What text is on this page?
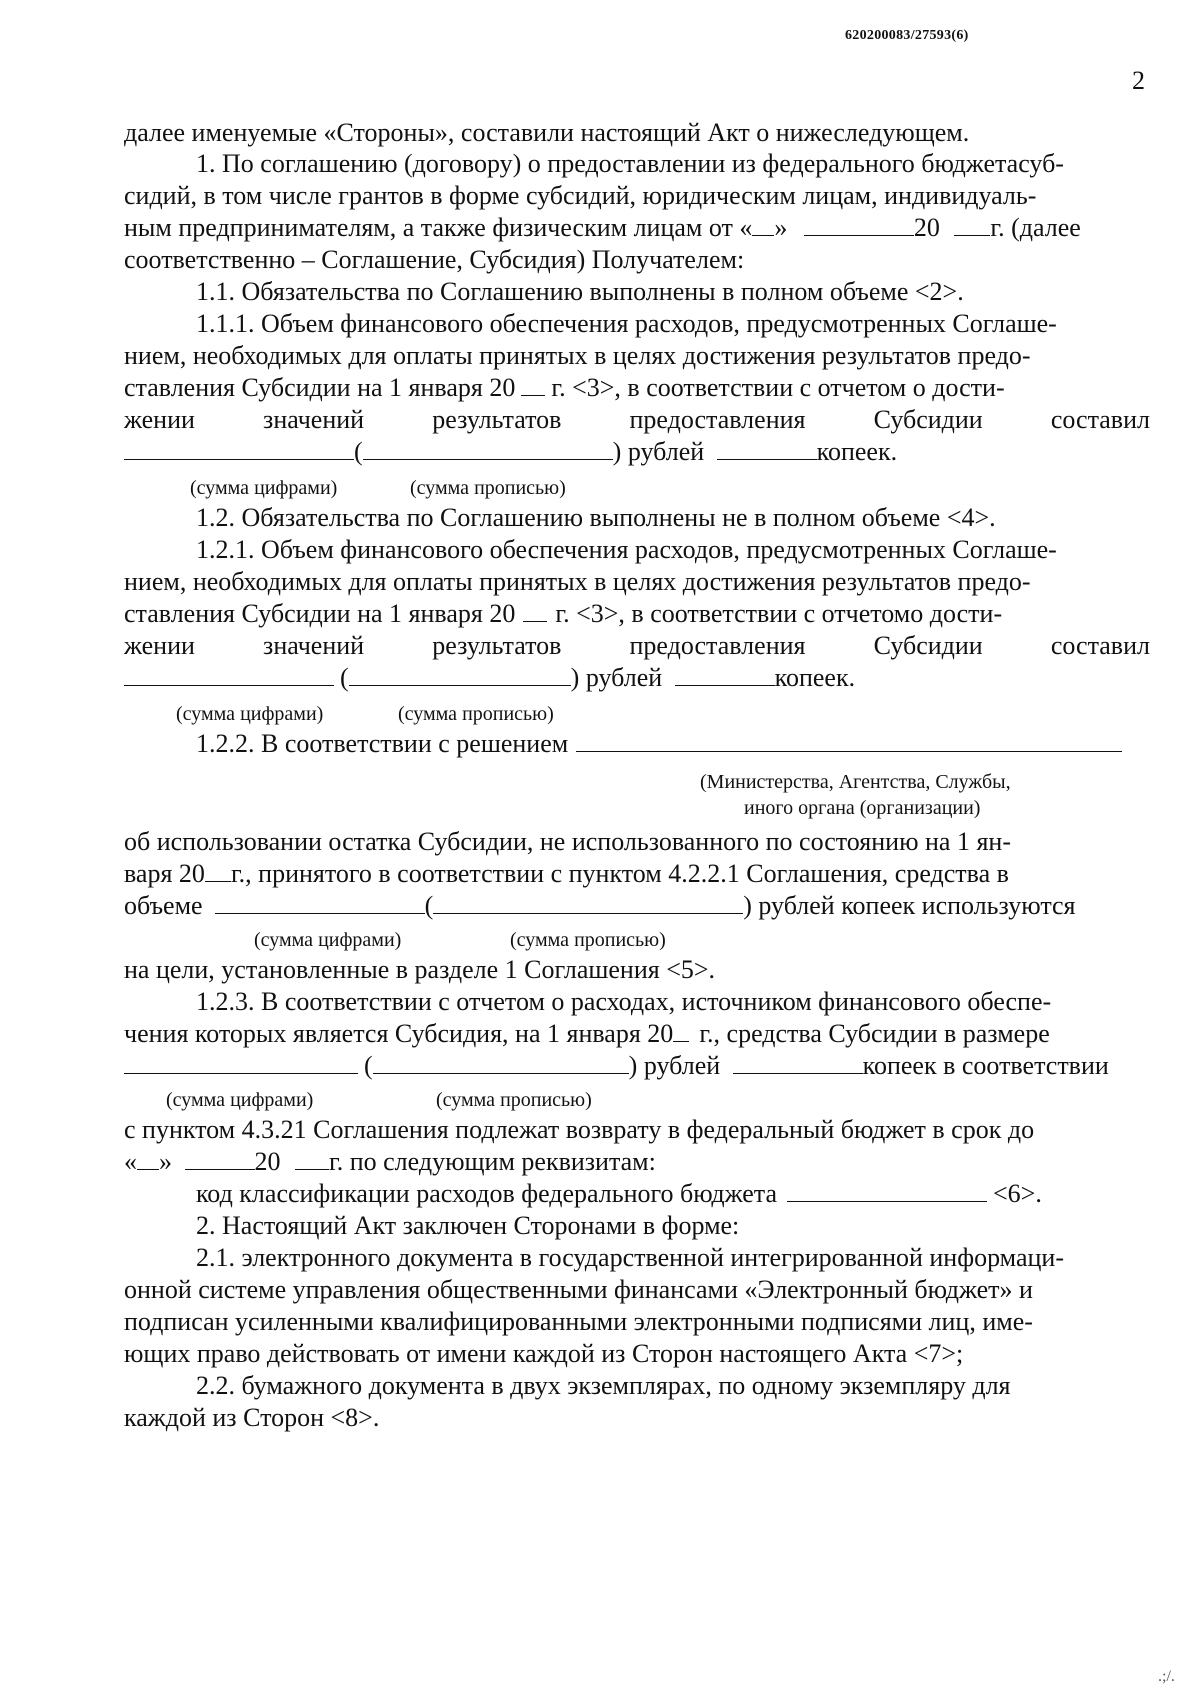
620200083/27593(6)
2
далее именуемые «Стороны», составили настоящий Акт о нижеследующем.
1. По соглашению (договору) о предоставлении из федерального бюджетасуб-
сидий, в том числе грантов в форме субсидий, юридическим лицам, индивидуаль-
ным предпринимателям, а также физическим лицам от « »	20 г. (далее
соответственно – Соглашение, Субсидия) Получателем:
1.1. Обязательства по Соглашению выполнены в полном объеме <2>.
1.1.1. Объем финансового обеспечения расходов, предусмотренных Соглаше-
нием, необходимых для оплаты принятых в целях достижения результатов предо-
ставления Субсидии на 1 января 20 г. <3>, в соответствии с отчетом о дости-
жении	значений	результатов	предоставления	Субсидии	составил
(	) рублей	копеек.
(сумма цифрами)	(сумма прописью)
1.2. Обязательства по Соглашению выполнены не в полном объеме <4>.
1.2.1. Объем финансового обеспечения расходов, предусмотренных Соглаше-
нием, необходимых для оплаты принятых в целях достижения результатов предо-
ставления Субсидии на 1 января 20 г. <3>, в соответствии с отчетомо дости-
жении	значений	результатов	предоставления	Субсидии	составил
(	) рублей	копеек.
(сумма цифрами)	(сумма прописью)
1.2.2. В соответствии с решением
(Министерства, Агентства, Службы,
иного органа (организации)
об использовании остатка Субсидии, не использованного по состоянию на 1 ян-
варя 20 г., принятого в соответствии с пунктом 4.2.2.1 Соглашения, средства в
объеме	(	) рублей копеек используются
(сумма цифрами)	(сумма прописью)
на цели, установленные в разделе 1 Соглашения <5>.
1.2.3. В соответствии с отчетом о расходах, источником финансового обеспе-
чения которых является Субсидия, на 1 января 20 г., средства Субсидии в размере
(	) рублей	копеек в соответствии
(сумма цифрами)	(сумма прописью)
с пунктом 4.3.21 Соглашения подлежат возврату в федеральный бюджет в срок до
« »	20 г. по следующим реквизитам:
код классификации расходов федерального бюджета	<6>.
2. Настоящий Акт заключен Сторонами в форме:
2.1. электронного документа в государственной интегрированной информаци-
онной системе управления общественными финансами «Электронный бюджет» и
подписан усиленными квалифицированными электронными подписями лиц, име-
ющих право действовать от имени каждой из Сторон настоящего Акта <7>;
2.2. бумажного документа в двух экземплярах, по одному экземпляру для
каждой из Сторон <8>.
.;/.
